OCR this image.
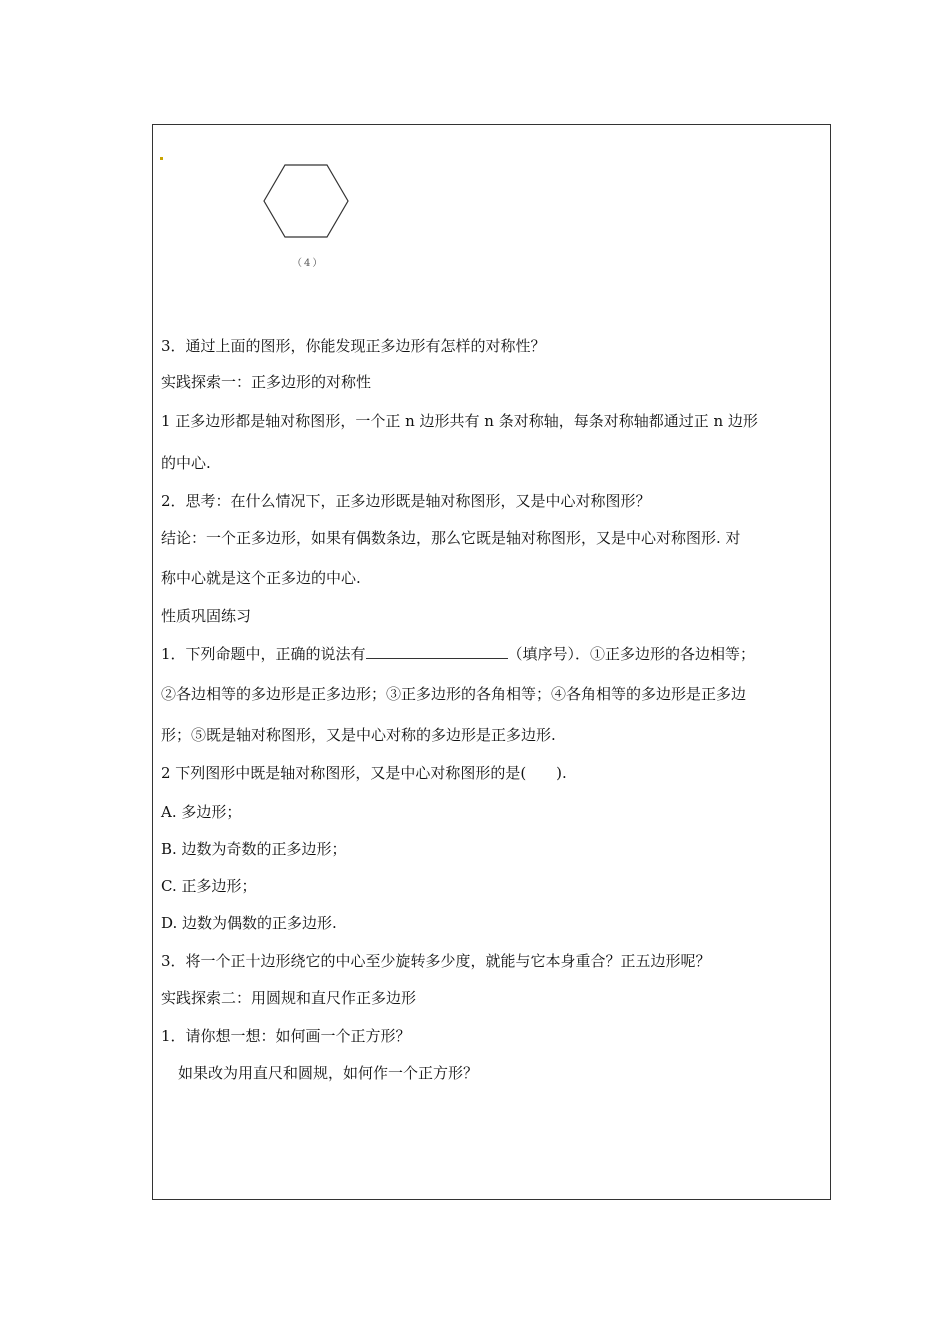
（4）
3．通过上面的图形，你能发现正多边形有怎样的对称性？
实践探索一：正多边形的对称性
1 正多边形都是轴对称图形，一个正 n 边形共有 n 条对称轴，每条对称轴都通过正 n 边形
的中心.
2．思考：在什么情况下，正多边形既是轴对称图形，又是中心对称图形？
结论：一个正多边形，如果有偶数条边，那么它既是轴对称图形，又是中心对称图形. 对
称中心就是这个正多边的中心.
性质巩固练习
1．下列命题中，正确的说法有	（填序号）．①正多边形的各边相等；
②各边相等的多边形是正多边形；③正多边形的各角相等；④各角相等的多边形是正多边
形；⑤既是轴对称图形，又是中心对称的多边形是正多边形.
2 下列图形中既是轴对称图形，又是中心对称图形的是(　　).
A. 多边形；
B. 边数为奇数的正多边形；
C. 正多边形；
D. 边数为偶数的正多边形.
3．将一个正十边形绕它的中心至少旋转多少度，就能与它本身重合？正五边形呢？
实践探索二：用圆规和直尺作正多边形
1．请你想一想：如何画一个正方形？
如果改为用直尺和圆规，如何作一个正方形？
